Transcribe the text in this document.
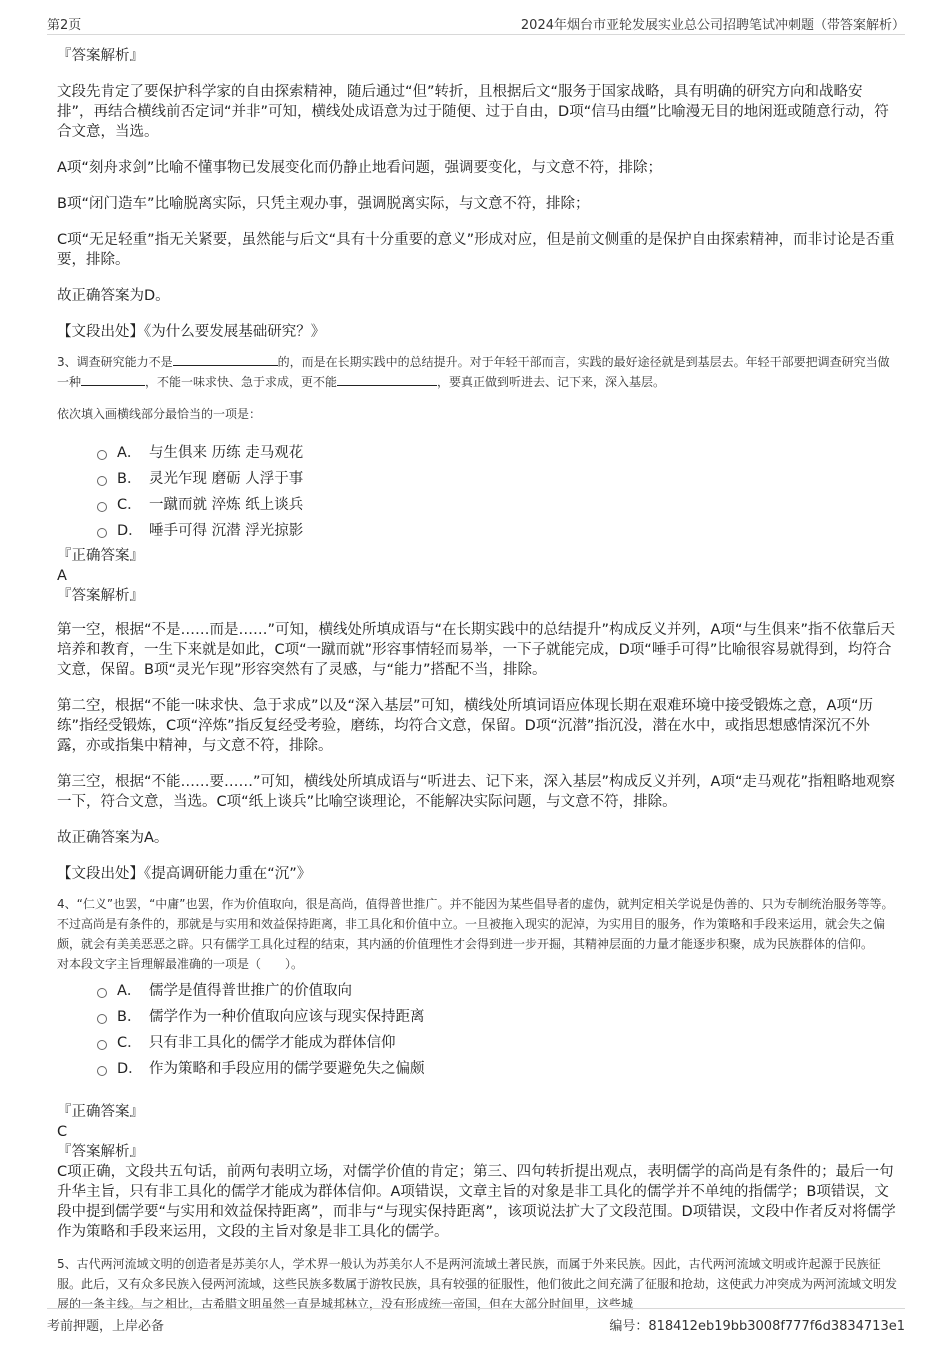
第2页	2024年烟台市亚轮发展实业总公司招聘笔试冲刺题（带答案解析）

『答案解析』

文段先肯定了要保护科学家的自由探索精神，随后通过“但”转折，且根据后文“服务于国家战略，具有明确的研究方向和战略安排”，再结合横线前否定词“并非”可知，横线处成语意为过于随便、过于自由，D项“信马由缰”比喻漫无目的地闲逛或随意行动，符合文意，当选。

A项“刻舟求剑”比喻不懂事物已发展变化而仍静止地看问题，强调要变化，与文意不符，排除；

B项“闭门造车”比喻脱离实际，只凭主观办事，强调脱离实际，与文意不符，排除；

C项“无足轻重”指无关紧要，虽然能与后文“具有十分重要的意义”形成对应，但是前文侧重的是保护自由探索精神，而非讨论是否重要，排除。

故正确答案为D。

【文段出处】《为什么要发展基础研究？》

3、调查研究能力不是	的，而是在长期实践中的总结提升。对于年轻干部而言，实践的最好途径就是到基层去。年轻干部要把调查研究当做一种	，不能一味求快、急于求成，更不能	，要真正做到听进去、记下来，深入基层。

依次填入画横线部分最恰当的一项是：

A． 与生俱来 历练 走马观花
B． 灵光乍现 磨砺 人浮于事
C． 一蹴而就 淬炼 纸上谈兵
D． 唾手可得 沉潜 浮光掠影

『正确答案』

A

『答案解析』

第一空，根据“不是……而是……”可知，横线处所填成语与“在长期实践中的总结提升”构成反义并列，A项“与生俱来”指不依靠后天培养和教育，一生下来就是如此，C项“一蹴而就”形容事情轻而易举，一下子就能完成，D项“唾手可得”比喻很容易就得到，均符合文意，保留。B项“灵光乍现”形容突然有了灵感，与“能力”搭配不当，排除。

第二空，根据“不能一味求快、急于求成”以及“深入基层”可知，横线处所填词语应体现长期在艰难环境中接受锻炼之意，A项“历练”指经受锻炼，C项“淬炼”指反复经受考验，磨练，均符合文意，保留。D项“沉潜”指沉没，潜在水中，或指思想感情深沉不外露，亦或指集中精神，与文意不符，排除。

第三空，根据“不能……要……”可知，横线处所填成语与“听进去、记下来，深入基层”构成反义并列，A项“走马观花”指粗略地观察一下，符合文意，当选。C项“纸上谈兵”比喻空谈理论，不能解决实际问题，与文意不符，排除。

故正确答案为A。

【文段出处】《提高调研能力重在“沉”》

4、“仁义”也罢，“中庸”也罢，作为价值取向，很是高尚，值得普世推广。并不能因为某些倡导者的虚伪，就判定相关学说是伪善的、只为专制统治服务等等。不过高尚是有条件的，那就是与实用和效益保持距离，非工具化和价值中立。一旦被拖入现实的泥淖，为实用目的服务，作为策略和手段来运用，就会失之偏颇，就会有美美恶恶之辟。只有儒学工具化过程的结束，其内涵的价值理性才会得到进一步开掘，其精神层面的力量才能逐步积聚，成为民族群体的信仰。

对本段文字主旨理解最准确的一项是（　　）。

A． 儒学是值得普世推广的价值取向
B． 儒学作为一种价值取向应该与现实保持距离
C． 只有非工具化的儒学才能成为群体信仰
D． 作为策略和手段应用的儒学要避免失之偏颇

『正确答案』

C

『答案解析』

C项正确，文段共五句话，前两句表明立场，对儒学价值的肯定；第三、四句转折提出观点，表明儒学的高尚是有条件的；最后一句升华主旨，只有非工具化的儒学才能成为群体信仰。A项错误，文章主旨的对象是非工具化的儒学并不单纯的指儒学；B项错误，文段中提到儒学要“与实用和效益保持距离”，而非与“与现实保持距离”，该项说法扩大了文段范围。D项错误，文段中作者反对将儒学作为策略和手段来运用，文段的主旨对象是非工具化的儒学。

5、古代两河流域文明的创造者是苏美尔人，学术界一般认为苏美尔人不是两河流域土著民族，而属于外来民族。因此，古代两河流域文明或许起源于民族征服。此后，又有众多民族入侵两河流域，这些民族多数属于游牧民族，具有较强的征服性，他们彼此之间充满了征服和抢劫，这使武力冲突成为两河流域文明发展的一条主线。与之相比，古希腊文明虽然一直是城邦林立，没有形成统一帝国，但在大部分时间里，这些城

考前押题，上岸必备	编号：818412eb19bb3008f777f6d3834713e1
